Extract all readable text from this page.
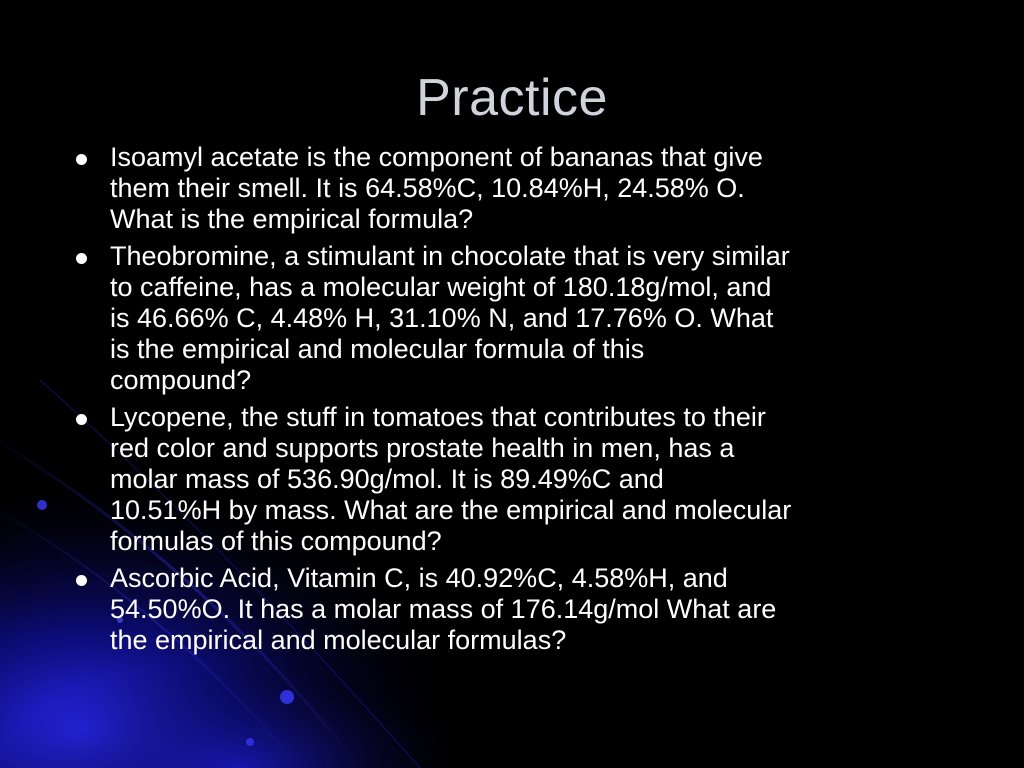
Practice
Isoamyl acetate is the component of bananas that give
them their smell. It is 64.58%C, 10.84%H, 24.58% O.
What is the empirical formula?
Theobromine, a stimulant in chocolate that is very similar
to caffeine, has a molecular weight of 180.18g/mol, and
is 46.66% C, 4.48% H, 31.10% N, and 17.76% O. What
is the empirical and molecular formula of this
compound?
Lycopene, the stuff in tomatoes that contributes to their
red color and supports prostate health in men, has a
molar mass of 536.90g/mol. It is 89.49%C and
10.51%H by mass. What are the empirical and molecular
formulas of this compound?
Ascorbic Acid, Vitamin C, is 40.92%C, 4.58%H, and
54.50%O. It has a molar mass of 176.14g/mol What are
the empirical and molecular formulas?
